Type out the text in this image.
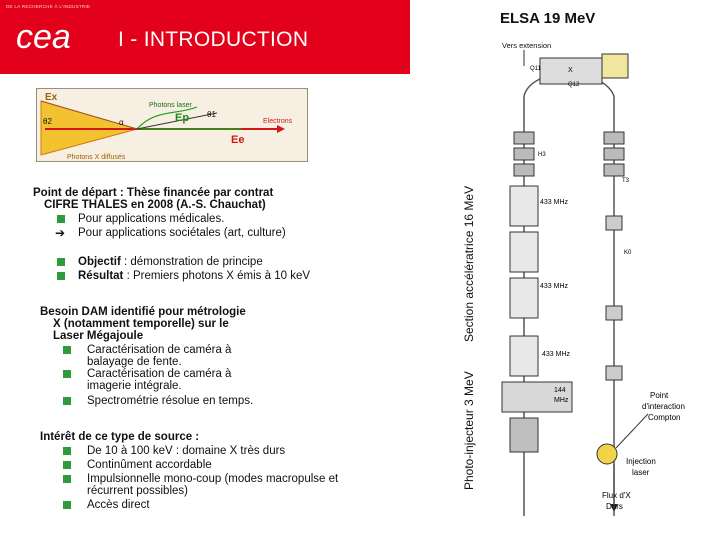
DE LA RECHERCHE À L'INDUSTRIE
cea I - INTRODUCTION
ELSA 19 MeV
Ex
Photons laser
θ1
θ2	α	Ep	Electrons
Ee
Photons X diffusés
Point de départ : Thèse financée par contrat
CIFRE THALES en 2008 (A.-S. Chauchat)
Pour applications médicales.
➔ Pour applications sociétales (art, culture)
Objectif : démonstration de principe
Résultat : Premiers photons X émis à 10 keV
Besoin DAM identifié pour métrologie
X (notamment temporelle) sur le
Laser Mégajoule
Caractérisation de caméra à
balayage de fente.
Caractérisation de caméra à
imagerie intégrale.
Spectrométrie résolue en temps.
Intérêt de ce type de source :
De 10 à 100 keV : domaine X très durs
Continûment accordable
Impulsionnelle mono-coup (modes macropulse et
récurrent possibles)
Accès direct
Section accélératrice 16 MeV
Photo-injecteur 3 MeV
Vers extension
Q11	X
Q12
H3
T3
K0
433 MHz
433 MHz
433 MHz
144
MHz
Point
d'interaction
Compton
Injection
laser
Flux d'X
Durs
